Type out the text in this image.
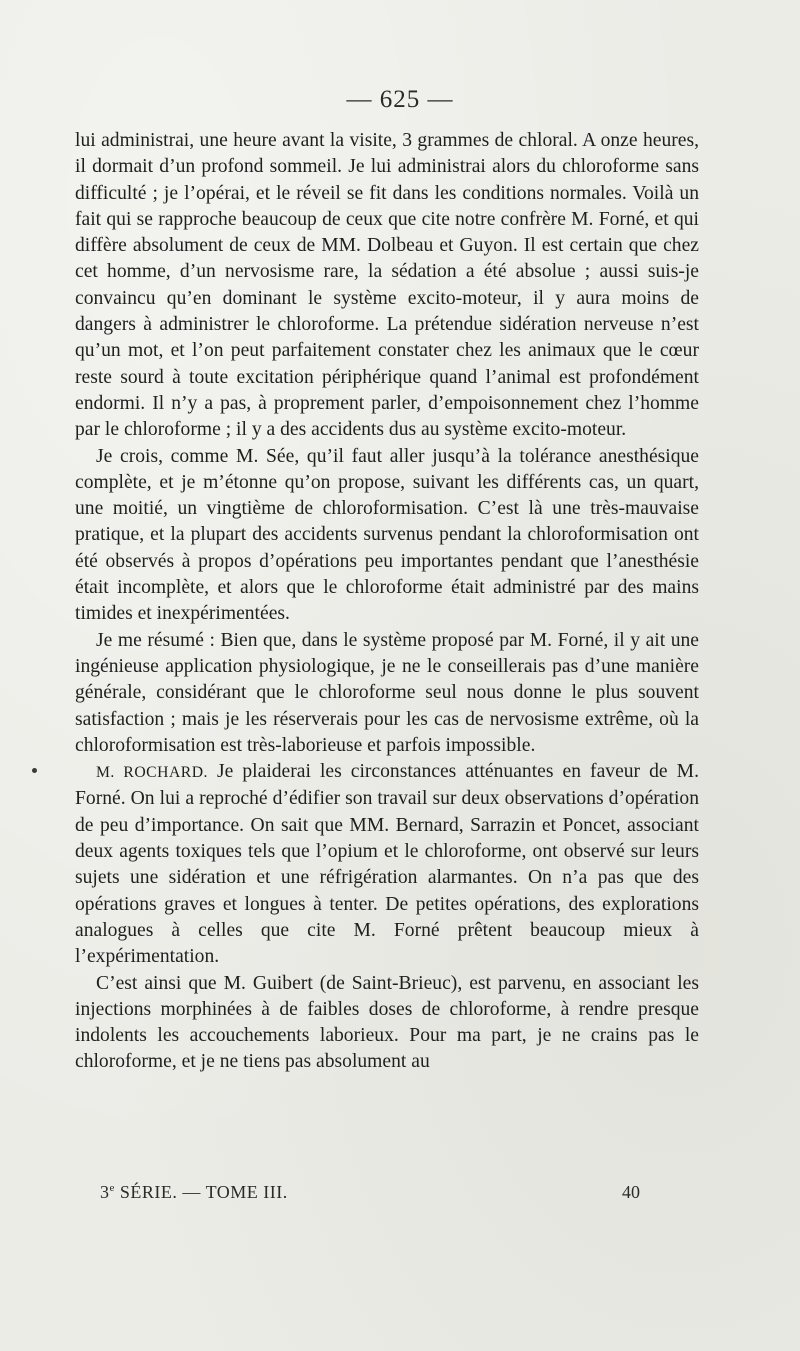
— 625 —

lui administrai, une heure avant la visite, 3 grammes de chloral. A onze heures, il dormait d’un profond sommeil. Je lui administrai alors du chloroforme sans difficulté ; je l’opérai, et le réveil se fit dans les conditions normales. Voilà un fait qui se rapproche beaucoup de ceux que cite notre confrère M. Forné, et qui diffère absolument de ceux de MM. Dolbeau et Guyon. Il est certain que chez cet homme, d’un nervosisme rare, la sédation a été absolue ; aussi suis-je convaincu qu’en dominant le système excito-moteur, il y aura moins de dangers à administrer le chloroforme. La prétendue sidération nerveuse n’est qu’un mot, et l’on peut parfaitement constater chez les animaux que le cœur reste sourd à toute excitation périphérique quand l’animal est profondément endormi. Il n’y a pas, à proprement parler, d’empoisonnement chez l’homme par le chloroforme ; il y a des accidents dus au système excito-moteur.

Je crois, comme M. Sée, qu’il faut aller jusqu’à la tolérance anesthésique complète, et je m’étonne qu’on propose, suivant les différents cas, un quart, une moitié, un vingtième de chloroformisation. C’est là une très-mauvaise pratique, et la plupart des accidents survenus pendant la chloroformisation ont été observés à propos d’opérations peu importantes pendant que l’anesthésie était incomplète, et alors que le chloroforme était administré par des mains timides et inexpérimentées.

Je me résumé : Bien que, dans le système proposé par M. Forné, il y ait une ingénieuse application physiologique, je ne le conseillerais pas d’une manière générale, considérant que le chloroforme seul nous donne le plus souvent satisfaction ; mais je les réserverais pour les cas de nervosisme extrême, où la chloroformisation est très-laborieuse et parfois impossible.

M. ROCHARD. Je plaiderai les circonstances atténuantes en faveur de M. Forné. On lui a reproché d’édifier son travail sur deux observations d’opération de peu d’importance. On sait que MM. Bernard, Sarrazin et Poncet, associant deux agents toxiques tels que l’opium et le chloroforme, ont observé sur leurs sujets une sidération et une réfrigération alarmantes. On n’a pas que des opérations graves et longues à tenter. De petites opérations, des explorations analogues à celles que cite M. Forné prêtent beaucoup mieux à l’expérimentation.

C’est ainsi que M. Guibert (de Saint-Brieuc), est parvenu, en associant les injections morphinées à de faibles doses de chloroforme, à rendre presque indolents les accouchements laborieux. Pour ma part, je ne crains pas le chloroforme, et je ne tiens pas absolument au

3e SÉRIE. — TOME III.	40
